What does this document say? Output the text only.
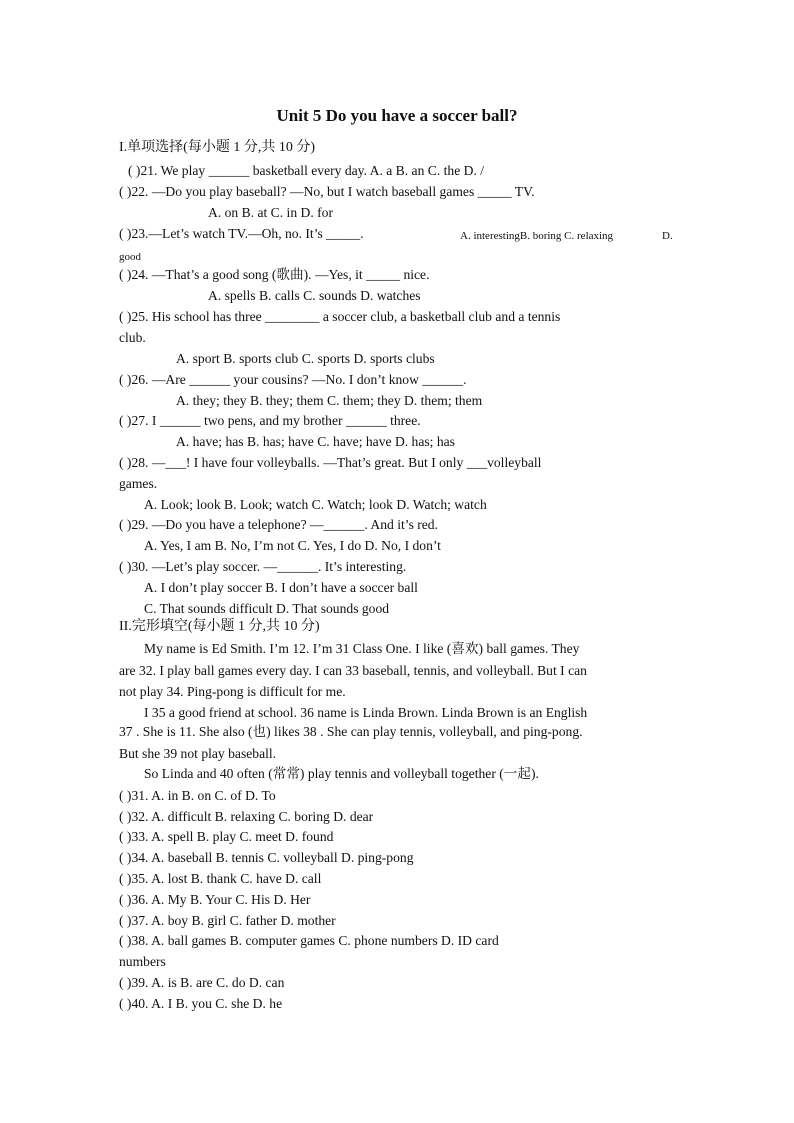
Unit 5 Do you have a soccer ball?
I.单项选择(每小题 1 分,共 10 分)
( )21. We play ______ basketball every day. A. a B. an C. the D. /
( )22. —Do you play baseball? —No, but I watch baseball games _____ TV.
A. on B. at C. in D. for
( )23.—Let’s watch TV.—Oh, no. It’s _____.	A. interestingB. boring C. relaxing	D.
good
( )24. —That’s a good song (歌曲). —Yes, it _____ nice.
A. spells B. calls C. sounds D. watches
( )25. His school has three ________ a soccer club, a basketball club and a tennis
club.
A. sport B. sports club C. sports D. sports clubs
( )26. —Are ______ your cousins? —No. I don’t know ______.
A. they; they B. they; them C. them; they D. them; them
( )27. I ______ two pens, and my brother ______ three.
A. have; has B. has; have C. have; have D. has; has
( )28. —___! I have four volleyballs. —That’s great. But I only ___volleyball
games.
A. Look; look B. Look; watch C. Watch; look D. Watch; watch
( )29. —Do you have a telephone? —______. And it’s red.
A. Yes, I am B. No, I’m not C. Yes, I do D. No, I don’t
( )30. —Let’s play soccer. —______. It’s interesting.
A. I don’t play soccer B. I don’t have a soccer ball
C. That sounds difficult D. That sounds good
II.完形填空(每小题 1 分,共 10 分)
My name is Ed Smith. I’m 12. I’m 31 Class One. I like (喜欢) ball games. They
are 32. I play ball games every day. I can 33 baseball, tennis, and volleyball. But I can
not play 34. Ping-pong is difficult for me.
I 35 a good friend at school. 36 name is Linda Brown. Linda Brown is an English
37 . She is 11. She also (也) likes 38 . She can play tennis, volleyball, and ping-pong.
But she 39 not play baseball.
So Linda and 40 often (常常) play tennis and volleyball together (一起).
( )31. A. in B. on C. of D. To
( )32. A. difficult B. relaxing C. boring D. dear
( )33. A. spell B. play C. meet D. found
( )34. A. baseball B. tennis C. volleyball D. ping-pong
( )35. A. lost B. thank C. have D. call
( )36. A. My B. Your C. His D. Her
( )37. A. boy B. girl C. father D. mother
( )38. A. ball games B. computer games C. phone numbers D. ID card
numbers
( )39. A. is B. are C. do D. can
( )40. A. I B. you C. she D. he
